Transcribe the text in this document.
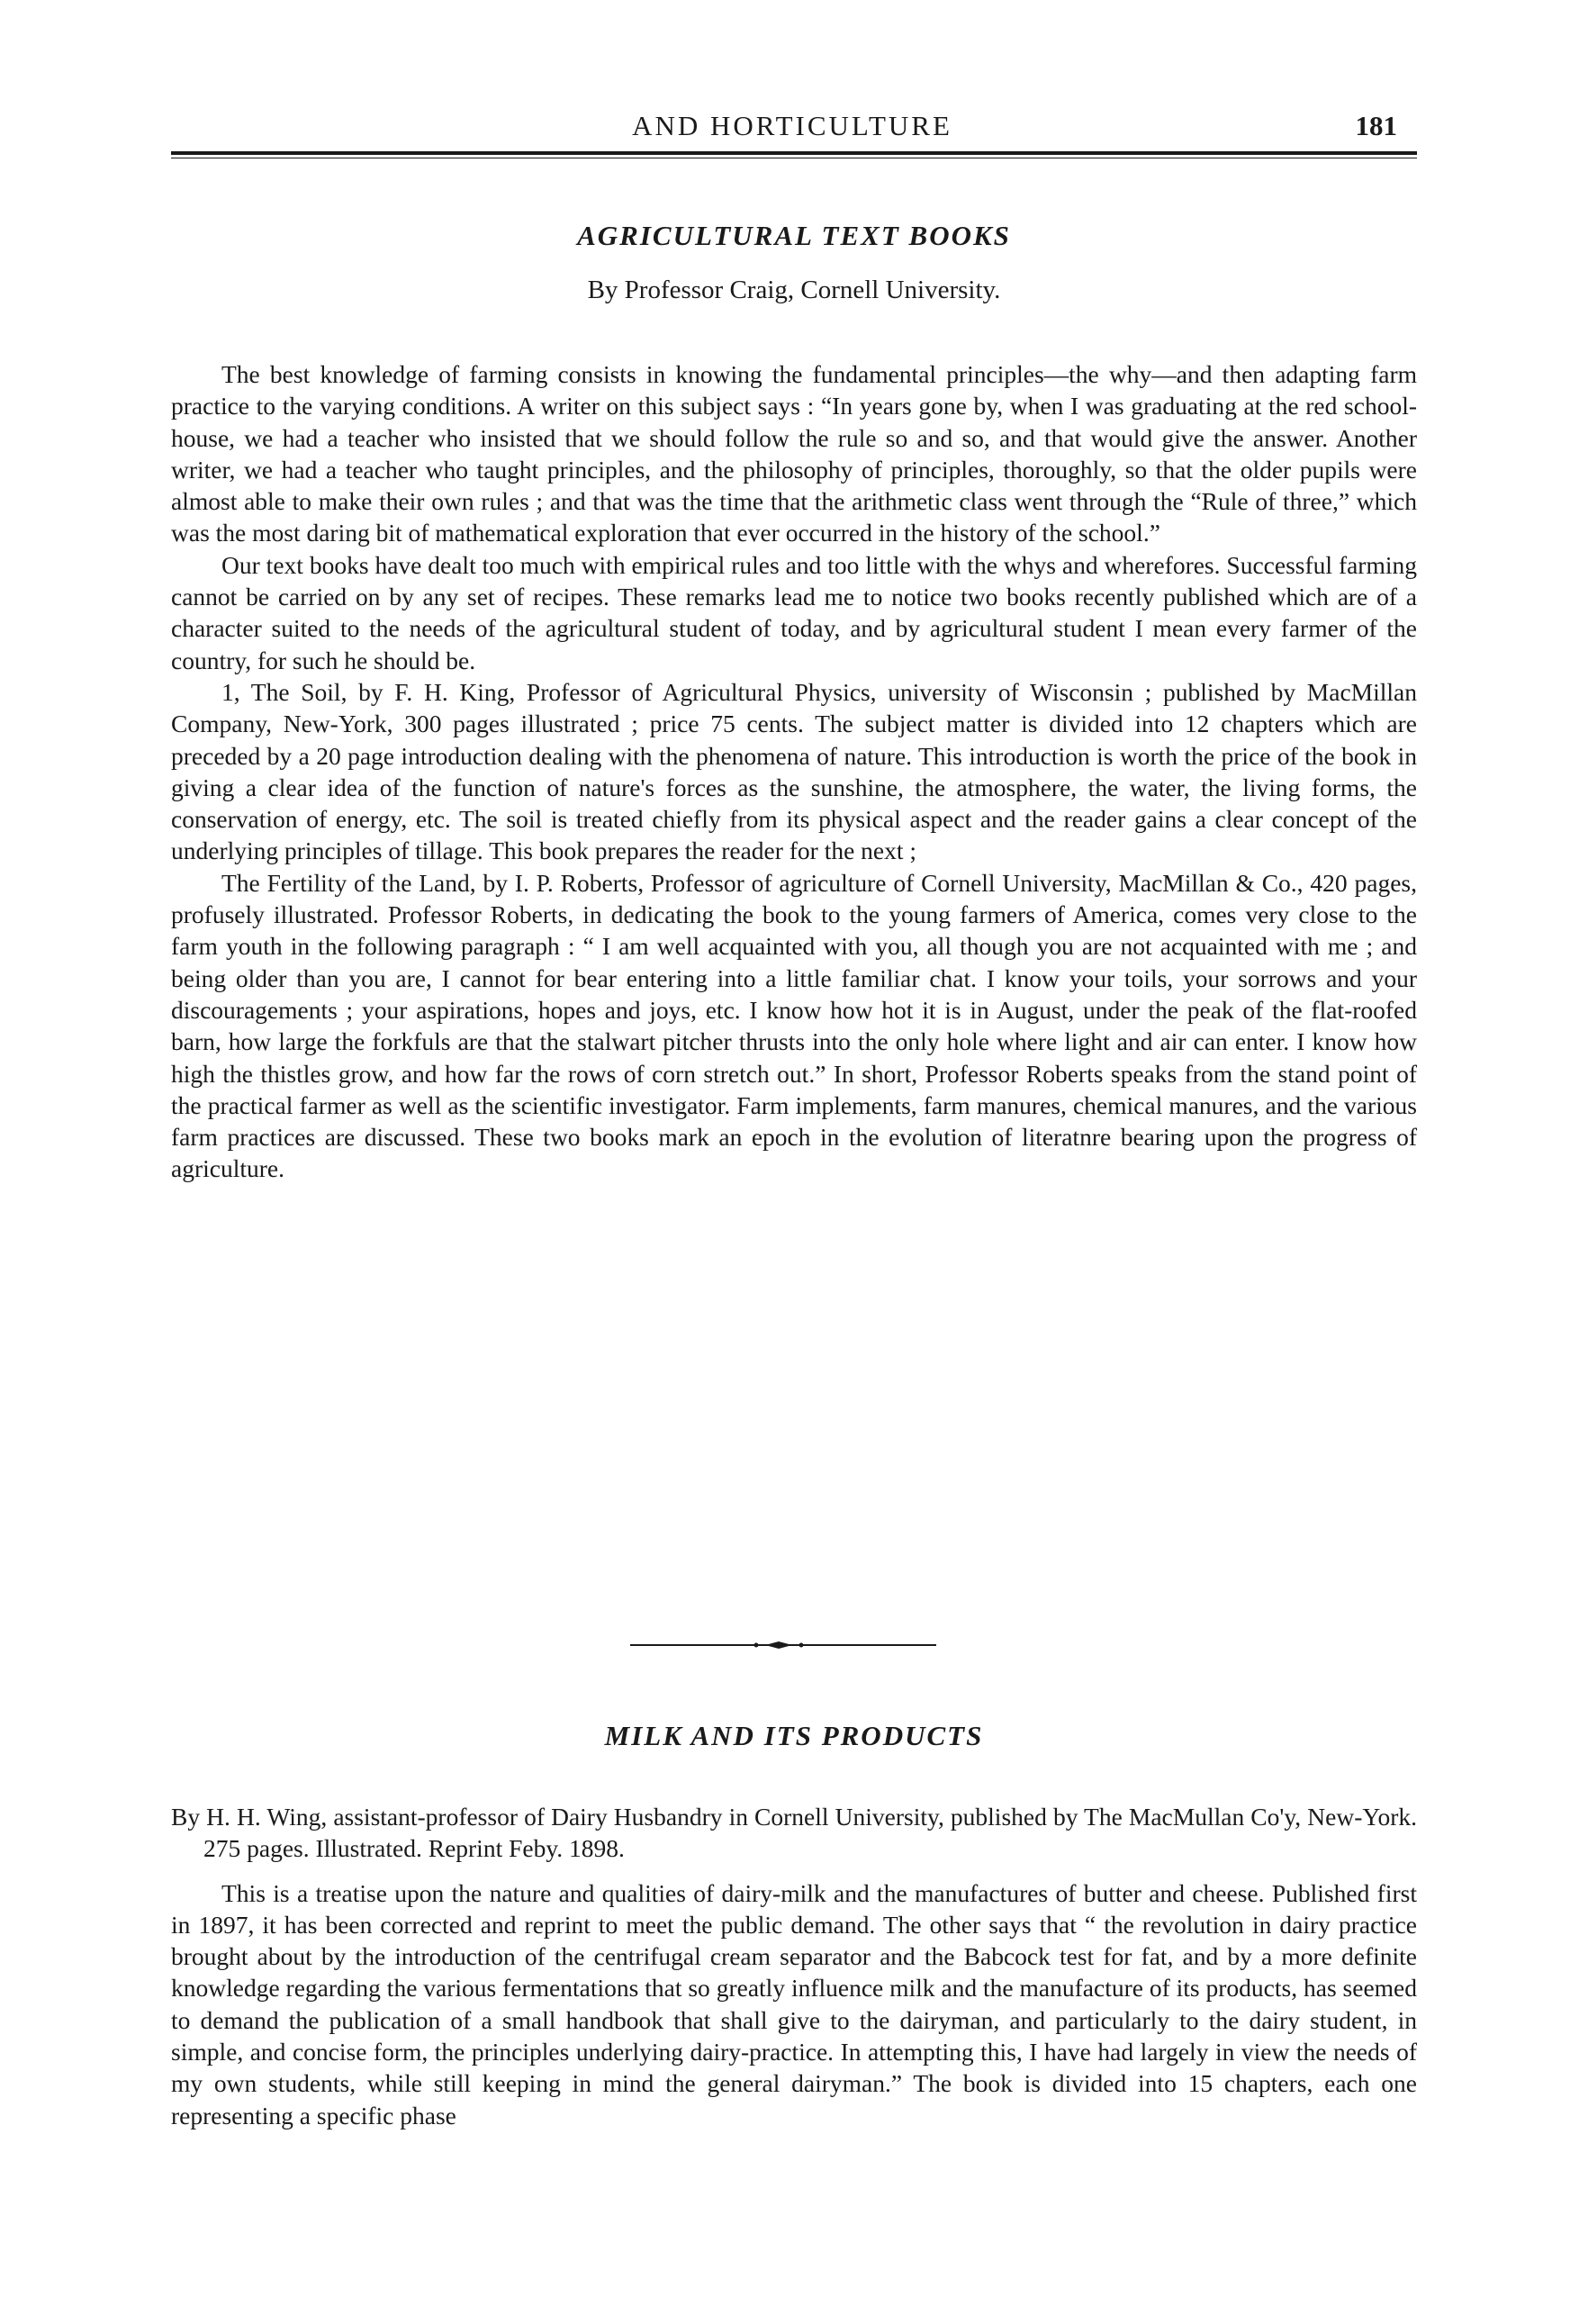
AND HORTICULTURE	181
AGRICULTURAL TEXT BOOKS
By Professor Craig, Cornell University.

The best knowledge of farming consists in knowing the fundamental principles—the why—and then adapting farm practice to the varying conditions. A writer on this subject says : “In years gone by, when I was graduating at the red school-house, we had a teacher who insisted that we should follow the rule so and so, and that would give the answer. Another writer, we had a teacher who taught principles, and the philosophy of principles, thoroughly, so that the older pupils were almost able to make their own rules ; and that was the time that the arithmetic class went through the “Rule of three,” which was the most daring bit of mathematical exploration that ever occurred in the history of the school.”

Our text books have dealt too much with empirical rules and too little with the whys and wherefores. Successful farming cannot be carried on by any set of recipes. These remarks lead me to notice two books recently published which are of a character suited to the needs of the agricultural student of today, and by agricultural student I mean every farmer of the country, for such he should be.

1, The Soil, by F. H. King, Professor of Agricultural Physics, university of Wisconsin ; published by MacMillan Company, New-York, 300 pages illustrated ; price 75 cents. The subject matter is divided into 12 chapters which are preceded by a 20 page introduction dealing with the phenomena of nature. This introduction is worth the price of the book in giving a clear idea of the function of nature's forces as the sunshine, the atmosphere, the water, the living forms, the conservation of energy, etc. The soil is treated chiefly from its physical aspect and the reader gains a clear concept of the underlying principles of tillage. This book prepares the reader for the next ;

The Fertility of the Land, by I. P. Roberts, Professor of agriculture of Cornell University, MacMillan & Co., 420 pages, profusely illustrated. Professor Roberts, in dedicating the book to the young farmers of America, comes very close to the farm youth in the following paragraph : “ I am well acquainted with you, all though you are not acquainted with me ; and being older than you are, I cannot for bear entering into a little familiar chat. I know your toils, your sorrows and your discouragements ; your aspirations, hopes and joys, etc. I know how hot it is in August, under the peak of the flat-roofed barn, how large the forkfuls are that the stalwart pitcher thrusts into the only hole where light and air can enter. I know how high the thistles grow, and how far the rows of corn stretch out.” In short, Professor Roberts speaks from the stand point of the practical farmer as well as the scientific investigator. Farm implements, farm manures, chemical manures, and the various farm practices are discussed. These two books mark an epoch in the evolution of literatnre bearing upon the progress of agriculture.

MILK AND ITS PRODUCTS
By H. H. Wing, assistant-professor of Dairy Husbandry in Cornell University, published by The MacMullan Co'y, New-York. 275 pages. Illustrated. Reprint Feby. 1898.

This is a treatise upon the nature and qualities of dairy-milk and the manufactures of butter and cheese. Published first in 1897, it has been corrected and reprint to meet the public demand. The other says that “ the revolution in dairy practice brought about by the introduction of the centrifugal cream separator and the Babcock test for fat, and by a more definite knowledge regarding the various fermentations that so greatly influence milk and the manufacture of its products, has seemed to demand the publication of a small handbook that shall give to the dairyman, and particularly to the dairy student, in simple, and concise form, the principles underlying dairy-practice. In attempting this, I have had largely in view the needs of my own students, while still keeping in mind the general dairyman.” The book is divided into 15 chapters, each one representing a specific phase
